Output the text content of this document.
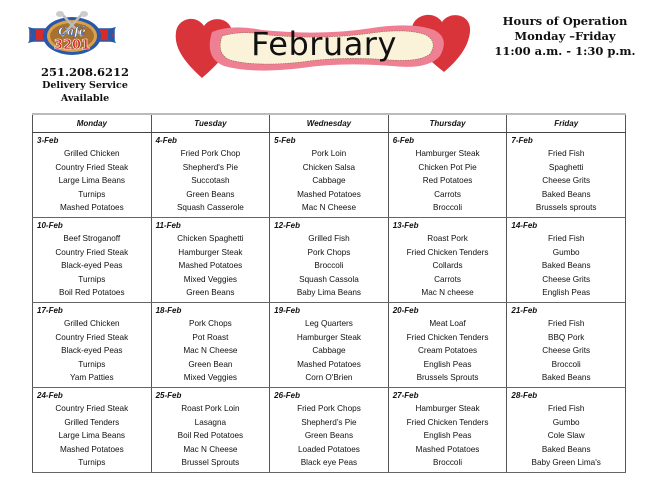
Café
3201
251.208.6212
Delivery Service Available
February
Hours of Operation
Monday –Friday
11:00 a.m. - 1:30 p.m.
Monday	Tuesday	Wednesday	Thursday	Friday

3-Feb
Grilled Chicken
Country Fried Steak
Large Lima Beans
Turnips
Mashed Potatoes

4-Feb
Fried Pork Chop
Shepherd's Pie
Succotash
Green Beans
Squash Casserole

5-Feb
Pork Loin
Chicken Salsa
Cabbage
Mashed Potatoes
Mac N Cheese

6-Feb
Hamburger Steak
Chicken Pot Pie
Red Potatoes
Carrots
Broccoli

7-Feb
Fried Fish
Spaghetti
Cheese Grits
Baked Beans
Brussels sprouts

10-Feb
Beef Stroganoff
Country Fried Steak
Black-eyed Peas
Turnips
Boil Red Potatoes

11-Feb
Chicken Spaghetti
Hamburger Steak
Mashed Potatoes
Mixed Veggies
Green Beans

12-Feb
Grilled Fish
Pork Chops
Broccoli
Squash Cassola
Baby Lima Beans

13-Feb
Roast Pork
Fried Chicken Tenders
Collards
Carrots
Mac N cheese

14-Feb
Fried Fish
Gumbo
Baked Beans
Cheese Grits
English Peas

17-Feb
Grilled Chicken
Country Fried Steak
Black-eyed Peas
Turnips
Yam Patties

18-Feb
Pork Chops
Pot Roast
Mac N Cheese
Green Bean
Mixed Veggies

19-Feb
Leg Quarters
Hamburger Steak
Cabbage
Mashed Potatoes
Corn O'Brien

20-Feb
Meat Loaf
Fried Chicken Tenders
Cream Potatoes
English Peas
Brussels Sprouts

21-Feb
Fried Fish
BBQ Pork
Cheese Grits
Broccoli
Baked Beans

24-Feb
Country Fried Steak
Grilled Tenders
Large Lima Beans
Mashed Potatoes
Turnips

25-Feb
Roast Pork Loin
Lasagna
Boil Red Potatoes
Mac N Cheese
Brussel Sprouts

26-Feb
Fried Pork Chops
Shepherd’s Pie
Green Beans
Loaded Potatoes
Black eye Peas

27-Feb
Hamburger Steak
Fried Chicken Tenders
English Peas
Mashed Potatoes
Broccoli

28-Feb
Fried Fish
Gumbo
Cole Slaw
Baked Beans
Baby Green Lima's
